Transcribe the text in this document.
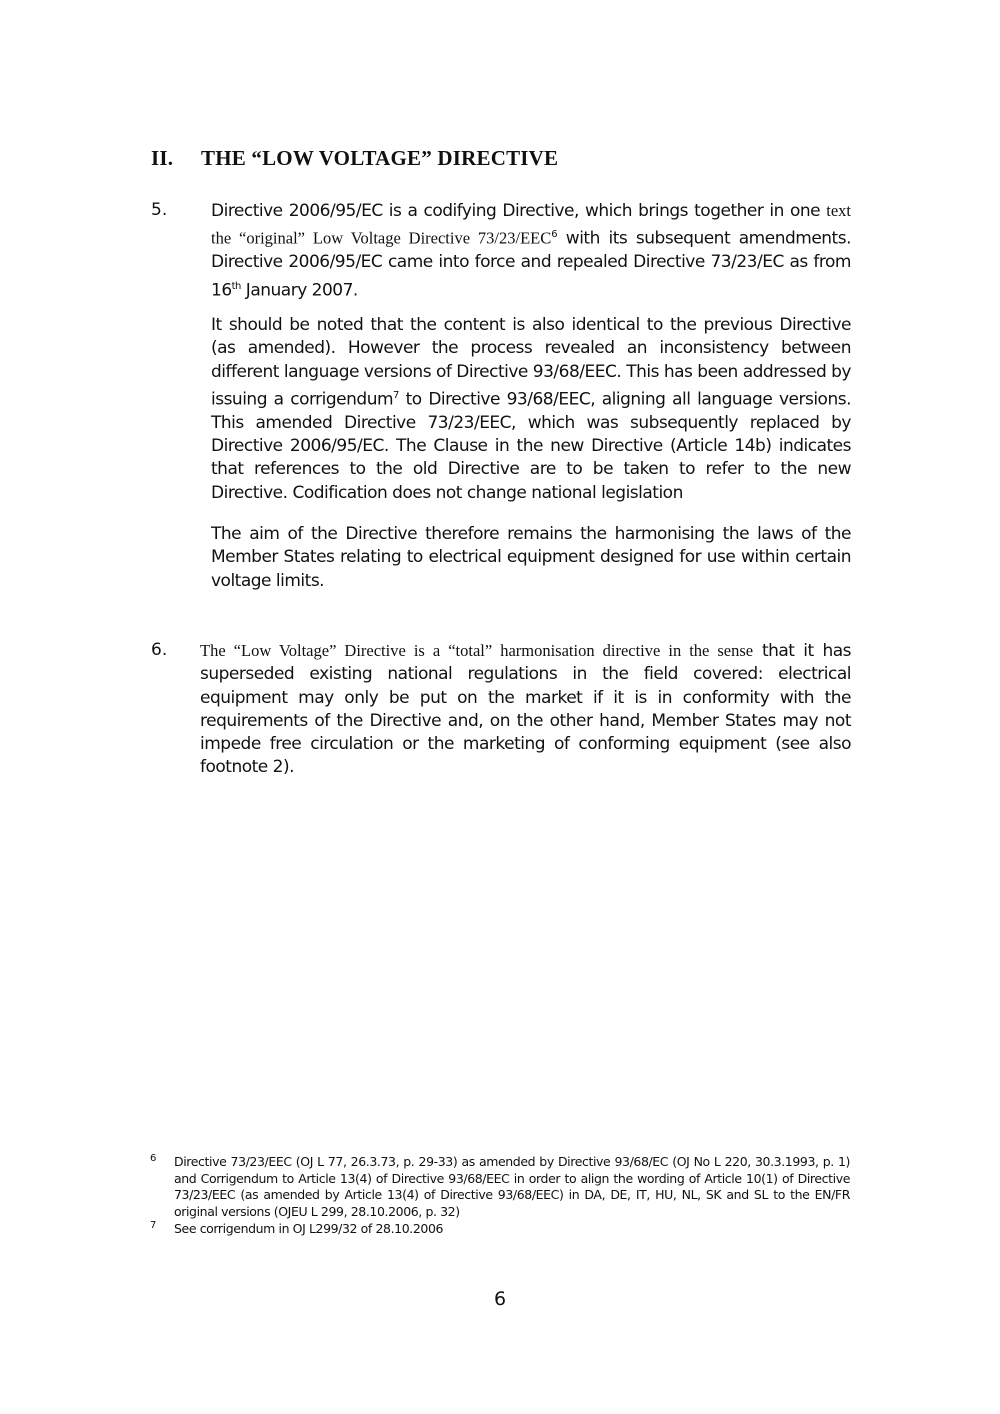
II. THE “LOW VOLTAGE” DIRECTIVE
5.	Directive 2006/95/EC is a codifying Directive, which brings together in one text the “original” Low Voltage Directive 73/23/EEC$^6$ with its subsequent amendments. Directive 2006/95/EC came into force and repealed Directive 73/23/EC as from 16th January 2007.
It should be noted that the content is also identical to the previous Directive (as amended). However the process revealed an inconsistency between different language versions of Directive 93/68/EEC. This has been addressed by issuing a corrigendum$^7$ to Directive 93/68/EEC, aligning all language versions. This amended Directive 73/23/EEC, which was subsequently replaced by Directive 2006/95/EC. The Clause in the new Directive (Article 14b) indicates that references to the old Directive are to be taken to refer to the new Directive. Codification does not change national legislation
The aim of the Directive therefore remains the harmonising the laws of the Member States relating to electrical equipment designed for use within certain voltage limits.
6. The “Low Voltage” Directive is a “total” harmonisation directive in the sense that it has superseded existing national regulations in the field covered: electrical equipment may only be put on the market if it is in conformity with the requirements of the Directive and, on the other hand, Member States may not impede free circulation or the marketing of conforming equipment (see also footnote 2).
6	Directive 73/23/EEC (OJ L 77, 26.3.73, p. 29-33) as amended by Directive 93/68/EC (OJ No L 220, 30.3.1993, p. 1) and Corrigendum to Article 13(4) of Directive 93/68/EEC in order to align the wording of Article 10(1) of Directive 73/23/EEC (as amended by Article 13(4) of Directive 93/68/EEC) in DA, DE, IT, HU, NL, SK and SL to the EN/FR original versions (OJEU L 299, 28.10.2006, p. 32)
7	See corrigendum in OJ L299/32 of 28.10.2006
6
